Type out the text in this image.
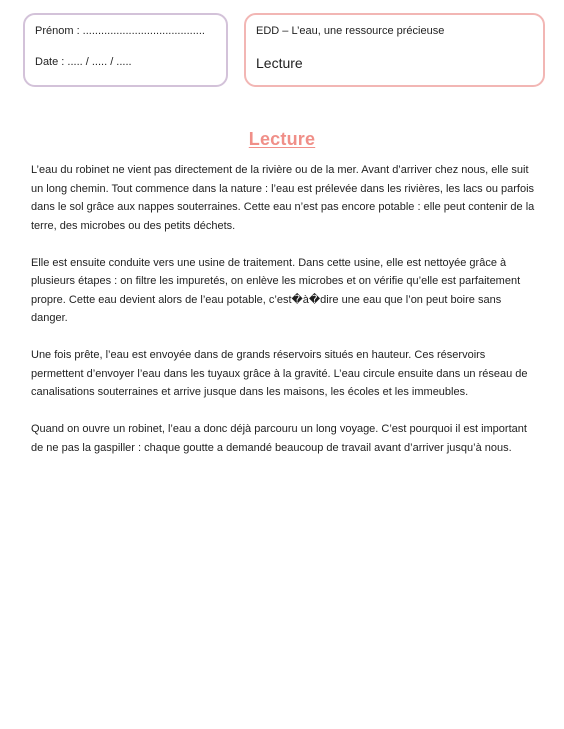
Prénom : ........................................
Date : ..... / ..... / .....
EDD – L’eau, une ressource précieuse
Lecture
Lecture

L’eau du robinet ne vient pas directement de la rivière ou de la mer. Avant d’arriver chez nous, elle suit un long chemin. Tout commence dans la nature : l’eau est prélevée dans les rivières, les lacs ou parfois dans le sol grâce aux nappes souterraines. Cette eau n’est pas encore potable : elle peut contenir de la terre, des microbes ou des petits déchets.

Elle est ensuite conduite vers une usine de traitement. Dans cette usine, elle est nettoyée grâce à plusieurs étapes : on filtre les impuretés, on enlève les microbes et on vérifie qu’elle est parfaitement propre. Cette eau devient alors de l’eau potable, c’est�à�dire une eau que l’on peut boire sans danger.

Une fois prête, l’eau est envoyée dans de grands réservoirs situés en hauteur. Ces réservoirs permettent d’envoyer l’eau dans les tuyaux grâce à la gravité. L’eau circule ensuite dans un réseau de canalisations souterraines et arrive jusque dans les maisons, les écoles et les immeubles.

Quand on ouvre un robinet, l’eau a donc déjà parcouru un long voyage. C’est pourquoi il est important de ne pas la gaspiller : chaque goutte a demandé beaucoup de travail avant d’arriver jusqu’à nous.
